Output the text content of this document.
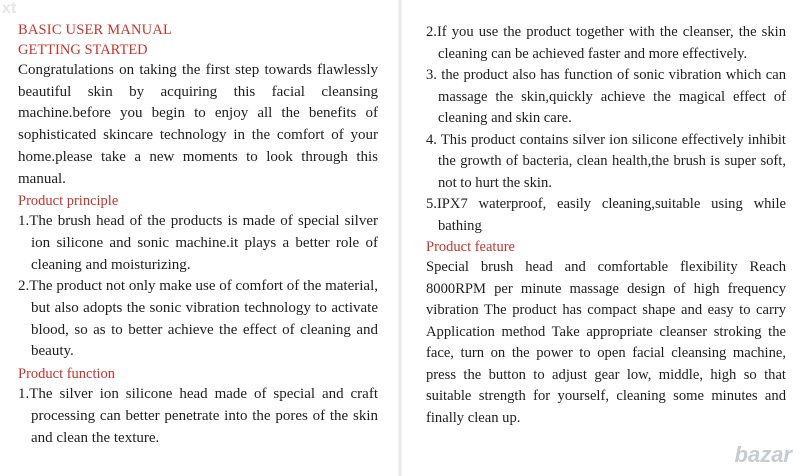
xt
BASIC USER MANUAL
GETTING STARTED

Congratulations on taking the first step towards flawlessly beautiful skin by acquiring this facial cleansing machine.before you begin to enjoy all the benefits of sophisticated skincare technology in the comfort of your home.please take a new moments to look through this manual.

Product principle

1.The brush head of the products is made of special silver ion silicone and sonic machine.it plays a better role of cleaning and moisturizing.

2.The product not only make use of comfort of the material, but also adopts the sonic vibration technology to activate blood, so as to better achieve the effect of cleaning and beauty.

Product function

1.The silver ion silicone head made of special and craft processing can better penetrate into the pores of the skin and clean the texture.

2.If you use the product together with the cleanser, the skin cleaning can be achieved faster and more effectively.

3. the product also has function of sonic vibration which can massage the skin,quickly achieve the magical effect of cleaning and skin care.

4. This product contains silver ion silicone effectively inhibit the growth of bacteria, clean health,the brush is super soft, not to hurt the skin.

5.IPX7 waterproof, easily cleaning,suitable using while bathing

Product feature

Special brush head and comfortable flexibility Reach 8000RPM per minute massage design of high frequency vibration The product has compact shape and easy to carry Application method Take appropriate cleanser stroking the face, turn on the power to open facial cleansing machine, press the button to adjust gear low, middle, high so that suitable strength for yourself, cleaning some minutes and finally clean up.

bazar
